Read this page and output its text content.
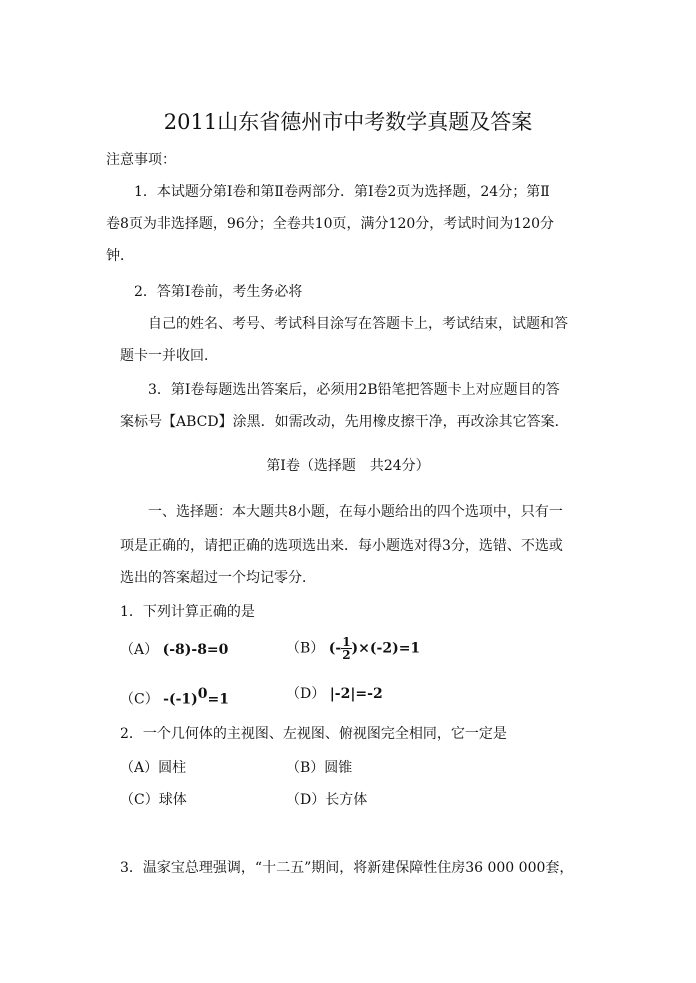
2011山东省德州市中考数学真题及答案
注意事项：
1．本试题分第Ⅰ卷和第Ⅱ卷两部分．第Ⅰ卷2页为选择题，24分；第Ⅱ
卷8页为非选择题，96分；全卷共10页，满分120分，考试时间为120分
钟．
2．答第Ⅰ卷前，考生务必将
自己的姓名、考号、考试科目涂写在答题卡上，考试结束，试题和答
题卡一并收回．
3．第Ⅰ卷每题选出答案后，必须用2B铅笔把答题卡上对应题目的答
案标号【ABCD】涂黑．如需改动，先用橡皮擦干净，再改涂其它答案．
第Ⅰ卷（选择题　共24分）
一、选择题：本大题共8小题，在每小题给出的四个选项中，只有一
项是正确的，请把正确的选项选出来．每小题选对得3分，选错、不选或
选出的答案超过一个均记零分．
1．下列计算正确的是
（A） (-8)-8=0	（B） (- $\frac{1}{2} )\times(-2)=1$
（C） $-(-1)^0=1$	（D） |-2|=-2
2．一个几何体的主视图、左视图、俯视图完全相同，它一定是
（A）圆柱	（B）圆锥
（C）球体	（D）长方体
3．温家宝总理强调，“十二五”期间，将新建保障性住房36 000 000套，
